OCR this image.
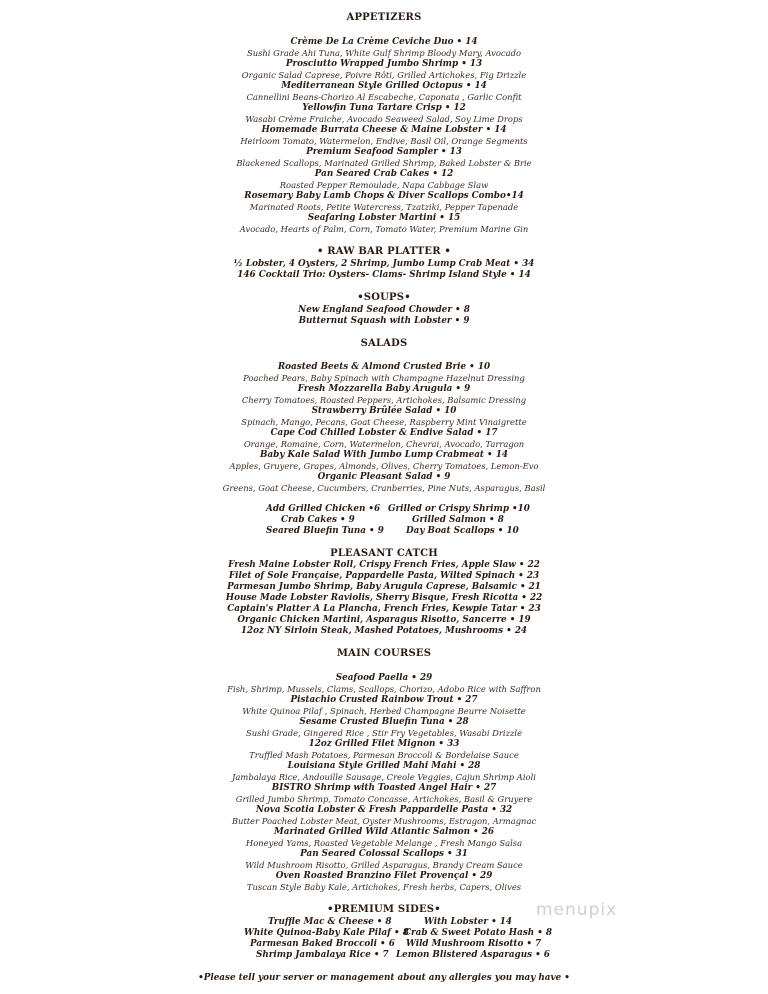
APPETIZERS
Crème De La Crème Ceviche Duo • 14
Sushi Grade Ahi Tuna, White Gulf Shrimp Bloody Mary, Avocado
Prosciutto Wrapped Jumbo Shrimp • 13
Organic Salad Caprese, Poivre Rôti, Grilled Artichokes, Fig Drizzle
Mediterranean Style Grilled Octopus • 14
Cannellini Beans-Chorizo Al Escabeche, Caponata , Garlic Confit
Yellowfin Tuna Tartare Crisp • 12
Wasabi Crème Fraiche, Avocado Seaweed Salad, Soy Lime Drops
Homemade Burrata Cheese & Maine Lobster • 14
Heirloom Tomato, Watermelon, Endive, Basil Oil, Orange Segments
Premium Seafood Sampler • 13
Blackened Scallops, Marinated Grilled Shrimp, Baked Lobster & Brie
Pan Seared Crab Cakes • 12
Roasted Pepper Remoulade, Napa Cabbage Slaw
Rosemary Baby Lamb Chops & Diver Scallops Combo•14
Marinated Roots, Petite Watercress, Tzatziki, Pepper Tapenade
Seafaring Lobster Martini • 15
Avocado, Hearts of Palm, Corn, Tomato Water, Premium Marine Gin
• RAW BAR PLATTER •
½ Lobster, 4 Oysters, 2 Shrimp, Jumbo Lump Crab Meat • 34
146 Cocktail Trio: Oysters- Clams- Shrimp Island Style • 14
•SOUPS•
New England Seafood Chowder • 8
Butternut Squash with Lobster • 9
SALADS
Roasted Beets & Almond Crusted Brie • 10
Poached Pears, Baby Spinach with Champagne Hazelnut Dressing
Fresh Mozzarella Baby Arugula • 9
Cherry Tomatoes, Roasted Peppers, Artichokes, Balsamic Dressing
Strawberry Brûlée Salad • 10
Spinach, Mango, Pecans, Goat Cheese, Raspberry Mint Vinaigrette
Cape Cod Chilled Lobster & Endive Salad • 17
Orange, Romaine, Corn, Watermelon, Chevrai, Avocado, Tarragon
Baby Kale Salad With Jumbo Lump Crabmeat • 14
Apples, Gruyere, Grapes, Almonds, Olives, Cherry Tomatoes, Lemon-Evo
Organic Pleasant Salad • 9
Greens, Goat Cheese, Cucumbers, Cranberries, Pine Nuts, Asparagus, Basil
Add Grilled Chicken •6
Crab Cakes • 9
Seared Bluefin Tuna • 9
Grilled or Crispy Shrimp •10
Grilled Salmon • 8
Day Boat Scallops • 10
PLEASANT CATCH
Fresh Maine Lobster Roll, Crispy French Fries, Apple Slaw • 22
Filet of Sole Française, Pappardelle Pasta, Wilted Spinach • 23
Parmesan Jumbo Shrimp, Baby Arugula Caprese, Balsamic • 21
House Made Lobster Raviolis, Sherry Bisque, Fresh Ricotta • 22
Captain's Platter A La Plancha, French Fries, Kewpie Tatar • 23
Organic Chicken Martini, Asparagus Risotto, Sancerre • 19
12oz NY Sirloin Steak, Mashed Potatoes, Mushrooms • 24
MAIN COURSES
Seafood Paella • 29
Fish, Shrimp, Mussels, Clams, Scallops, Chorizo, Adobo Rice with Saffron
Pistachio Crusted Rainbow Trout • 27
White Quinoa Pilaf , Spinach, Herbed Champagne Beurre Noisette
Sesame Crusted Bluefin Tuna • 28
Sushi Grade, Gingered Rice , Stir Fry Vegetables, Wasabi Drizzle
12oz Grilled Filet Mignon • 33
Truffled Mash Potatoes, Parmesan Broccoli & Bordelaise Sauce
Louisiana Style Grilled Mahi Mahi • 28
Jambalaya Rice, Andouille Sausage, Creole Veggies, Cajun Shrimp Aioli
BISTRO Shrimp with Toasted Angel Hair • 27
Grilled Jumbo Shrimp, Tomato Concasse, Artichokes, Basil & Gruyere
Nova Scotia Lobster & Fresh Pappardelle Pasta • 32
Butter Poached Lobster Meat, Oyster Mushrooms, Estragon, Armagnac
Marinated Grilled Wild Atlantic Salmon • 26
Honeyed Yams, Roasted Vegetable Melange , Fresh Mango Salsa
Pan Seared Colossal Scallops • 31
Wild Mushroom Risotto, Grilled Asparagus, Brandy Cream Sauce
Oven Roasted Branzino Filet Provençal • 29
Tuscan Style Baby Kale, Artichokes, Fresh herbs, Capers, Olives
•PREMIUM SIDES•
Truffle Mac & Cheese • 8
White Quinoa-Baby Kale Pilaf • 8
Parmesan Baked Broccoli • 6
Shrimp Jambalaya Rice • 7
With Lobster • 14
Crab & Sweet Potato Hash • 8
Wild Mushroom Risotto • 7
Lemon Blistered Asparagus • 6
•Please tell your server or management about any allergies you may have •
menupix
